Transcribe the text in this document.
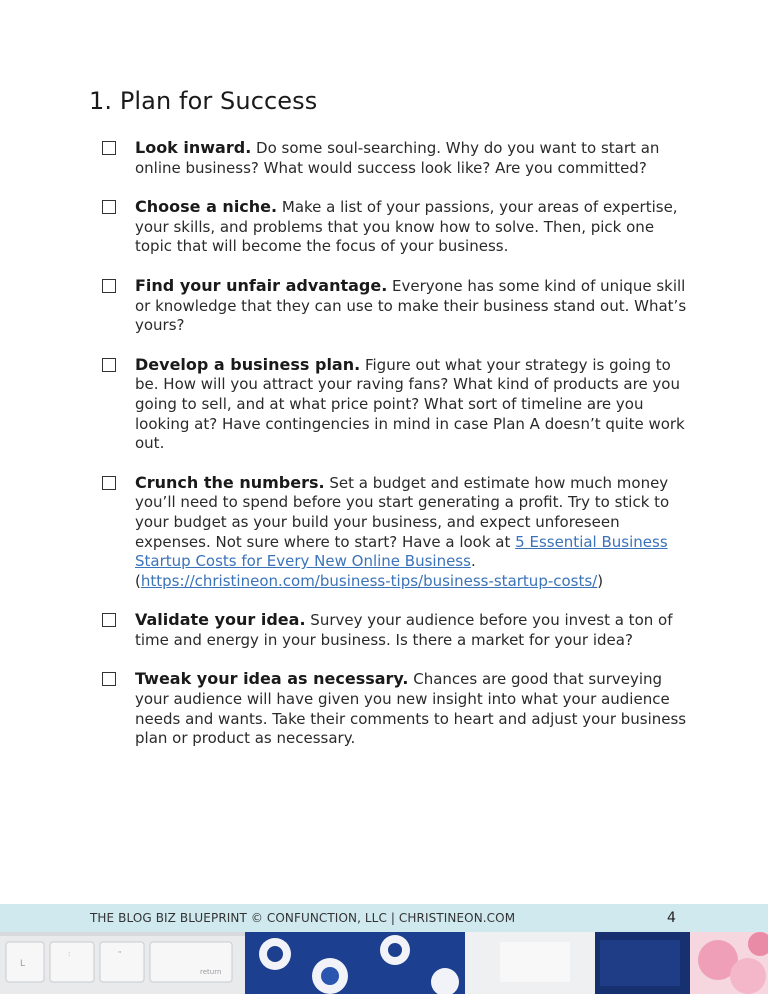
1. Plan for Success
Look inward. Do some soul-searching. Why do you want to start an online business? What would success look like? Are you committed?
Choose a niche. Make a list of your passions, your areas of expertise, your skills, and problems that you know how to solve. Then, pick one topic that will become the focus of your business.
Find your unfair advantage. Everyone has some kind of unique skill or knowledge that they can use to make their business stand out. What’s yours?
Develop a business plan. Figure out what your strategy is going to be. How will you attract your raving fans? What kind of products are you going to sell, and at what price point? What sort of timeline are you looking at? Have contingencies in mind in case Plan A doesn’t quite work out.
Crunch the numbers. Set a budget and estimate how much money you’ll need to spend before you start generating a profit. Try to stick to your budget as your build your business, and expect unforeseen expenses. Not sure where to start? Have a look at 5 Essential Business Startup Costs for Every New Online Business. (https://christineon.com/business-tips/business-startup-costs/)
Validate your idea. Survey your audience before you invest a ton of time and energy in your business. Is there a market for your idea?
Tweak your idea as necessary. Chances are good that surveying your audience will have given you new insight into what your audience needs and wants. Take their comments to heart and adjust your business plan or product as necessary.
THE BLOG BIZ BLUEPRINT © CONFUNCTION, LLC | CHRISTINEON.COM	4
L
:	"
return
